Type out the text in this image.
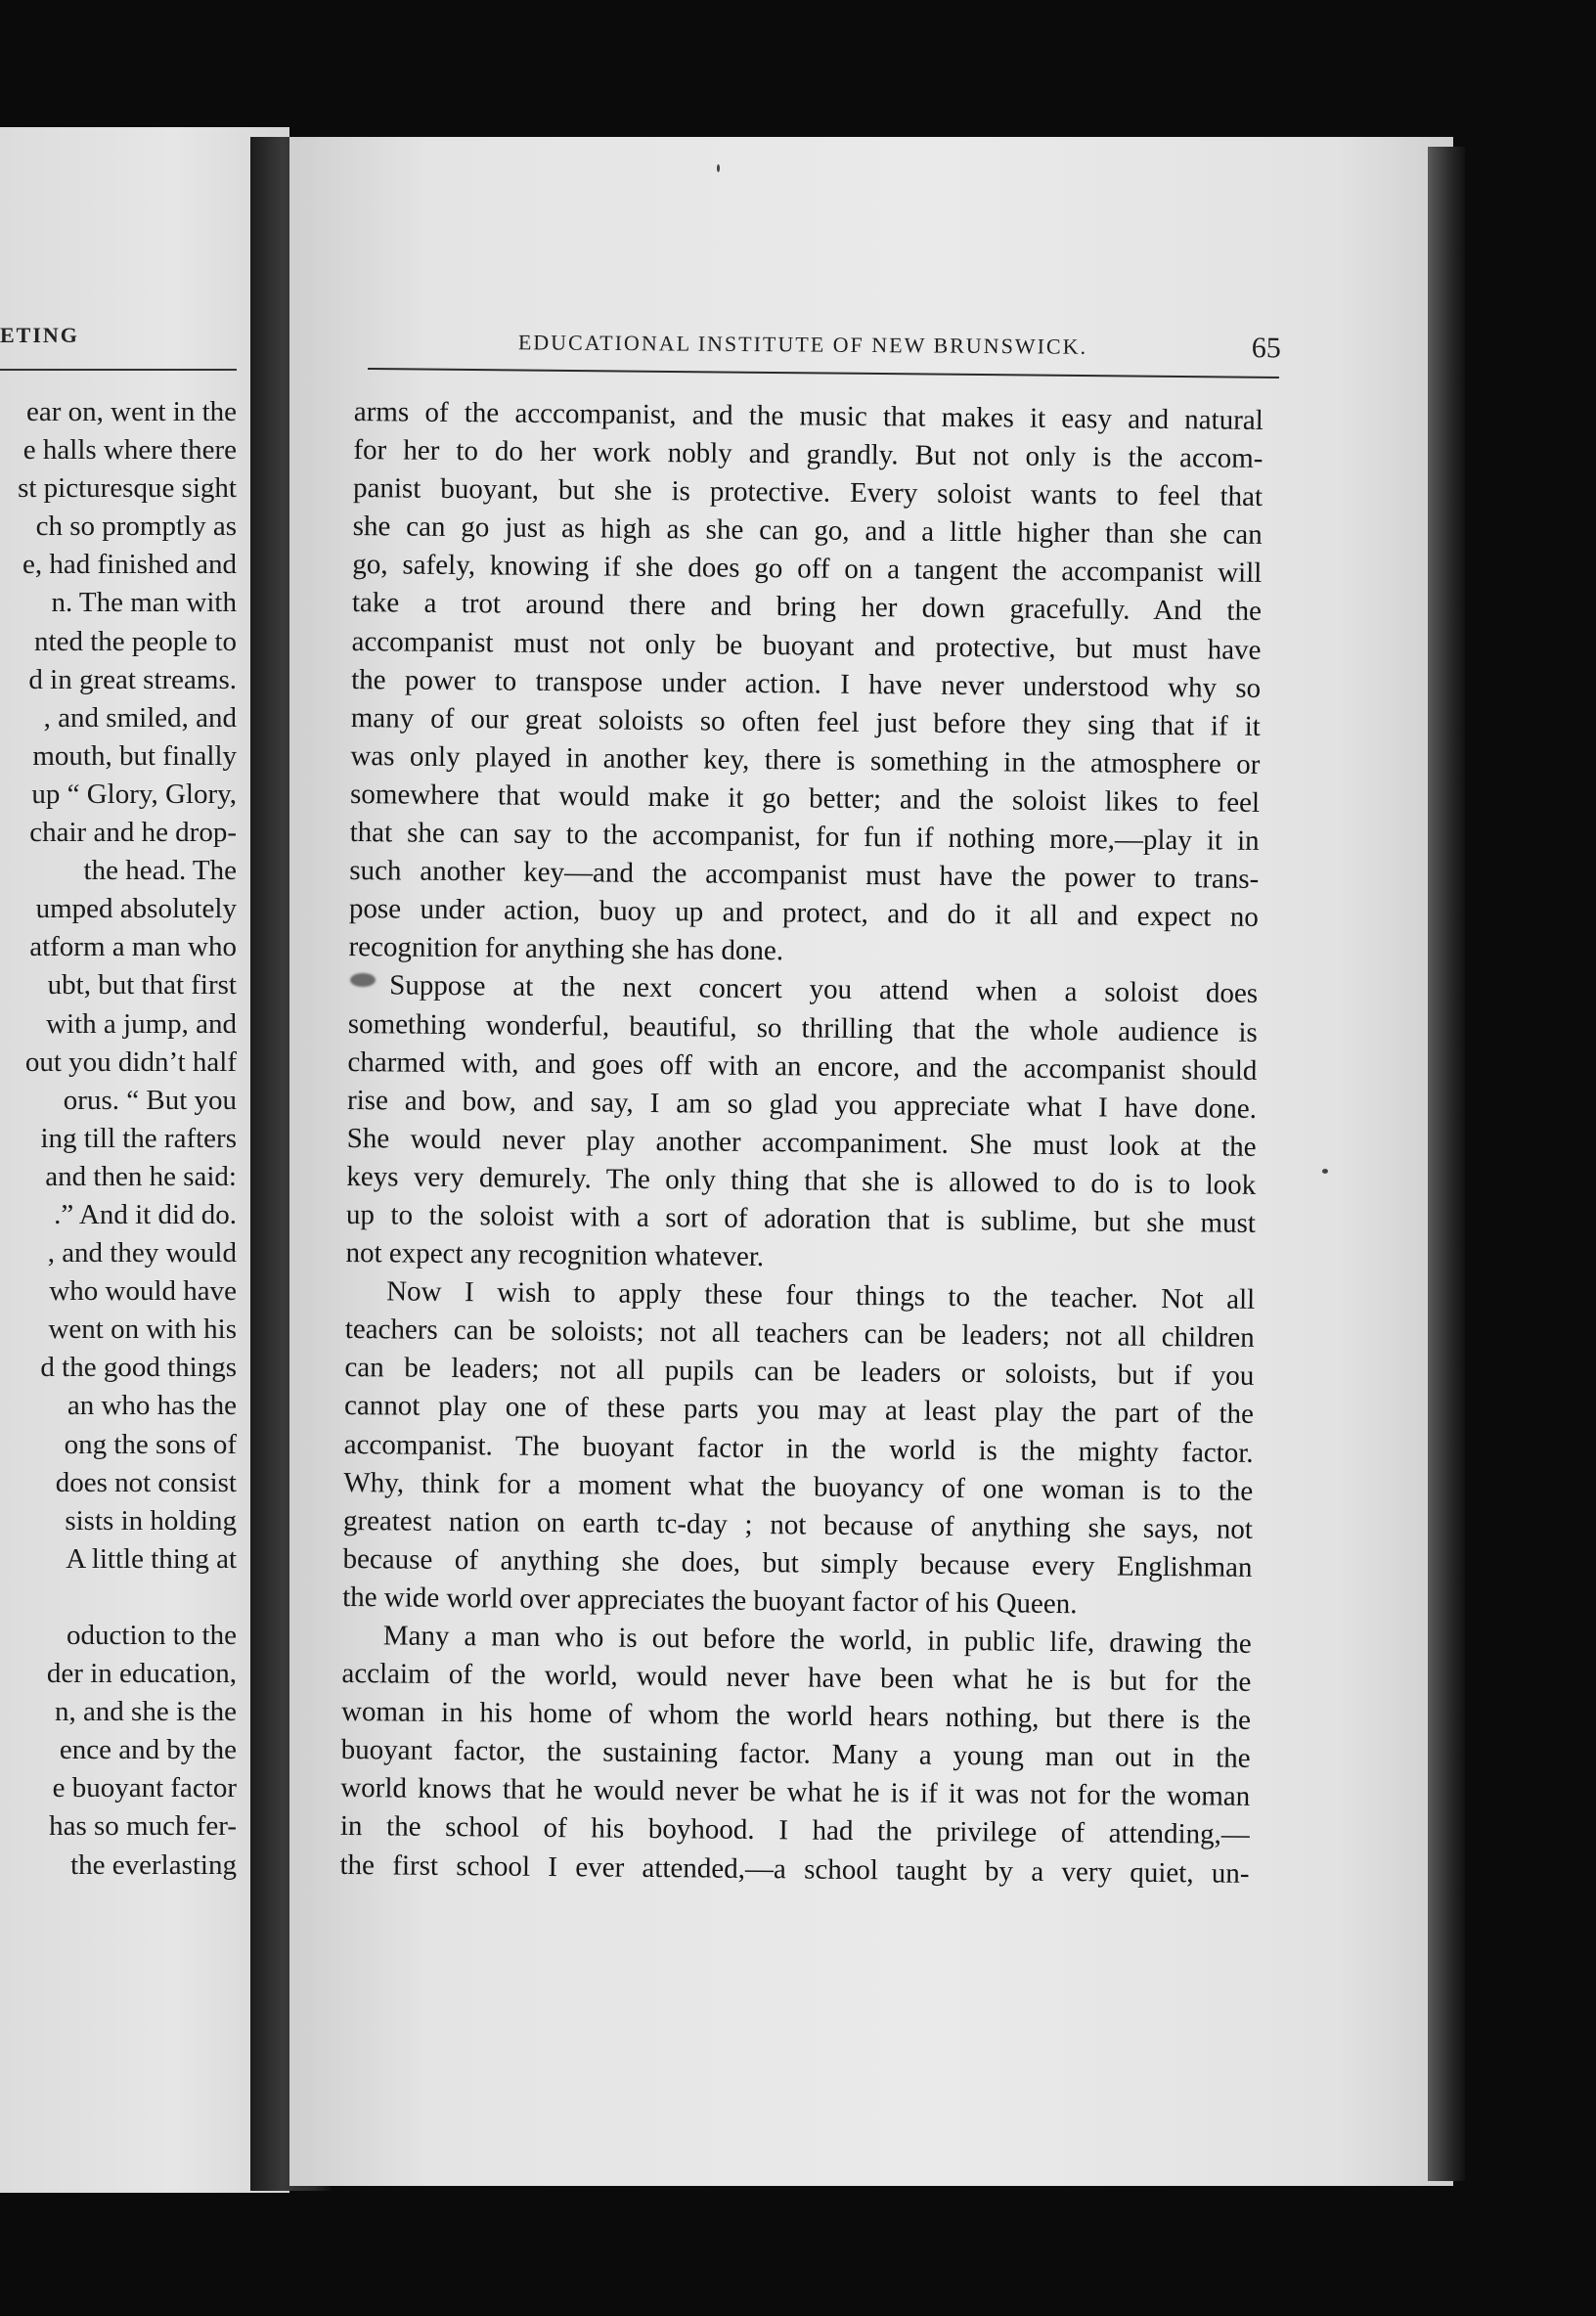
ETING
ear on, went in the
e halls where there
st picturesque sight
ch so promptly as
e, had finished and
n. The man with
nted the people to
d in great streams.
, and smiled, and
mouth, but finally
up “ Glory, Glory,
chair and he drop-
the head. The
umped absolutely
atform a man who
ubt, but that first
with a jump, and
out you didn’t half
orus. “ But you
ing till the rafters
and then he said:
.” And it did do.
, and they would
who would have
went on with his
d the good things
an who has the
ong the sons of
does not consist
sists in holding
A little thing at

oduction to the
der in education,
n, and she is the
ence and by the
e buoyant factor
has so much fer-
the everlasting
EDUCATIONAL INSTITUTE OF NEW BRUNSWICK.	65
arms of the acccompanist, and the music that makes it easy and natural
for her to do her work nobly and grandly. But not only is the accom-
panist buoyant, but she is protective. Every soloist wants to feel that
she can go just as high as she can go, and a little higher than she can
go, safely, knowing if she does go off on a tangent the accompanist will
take a trot around there and bring her down gracefully. And the
accompanist must not only be buoyant and protective, but must have
the power to transpose under action. I have never understood why so
many of our great soloists so often feel just before they sing that if it
was only played in another key, there is something in the atmosphere or
somewhere that would make it go better; and the soloist likes to feel
that she can say to the accompanist, for fun if nothing more,—play it in
such another key—and the accompanist must have the power to trans-
pose under action, buoy up and protect, and do it all and expect no
recognition for anything she has done.
Suppose at the next concert you attend when a soloist does
something wonderful, beautiful, so thrilling that the whole audience is
charmed with, and goes off with an encore, and the accompanist should
rise and bow, and say, I am so glad you appreciate what I have done.
She would never play another accompaniment. She must look at the
keys very demurely. The only thing that she is allowed to do is to look
up to the soloist with a sort of adoration that is sublime, but she must
not expect any recognition whatever.
Now I wish to apply these four things to the teacher. Not all
teachers can be soloists; not all teachers can be leaders; not all children
can be leaders; not all pupils can be leaders or soloists, but if you
cannot play one of these parts you may at least play the part of the
accompanist. The buoyant factor in the world is the mighty factor.
Why, think for a moment what the buoyancy of one woman is to the
greatest nation on earth tc-day ; not because of anything she says, not
because of anything she does, but simply because every Englishman
the wide world over appreciates the buoyant factor of his Queen.
Many a man who is out before the world, in public life, drawing the
acclaim of the world, would never have been what he is but for the
woman in his home of whom the world hears nothing, but there is the
buoyant factor, the sustaining factor. Many a young man out in the
world knows that he would never be what he is if it was not for the woman
in the school of his boyhood. I had the privilege of attending,—
the first school I ever attended,—a school taught by a very quiet, un-
